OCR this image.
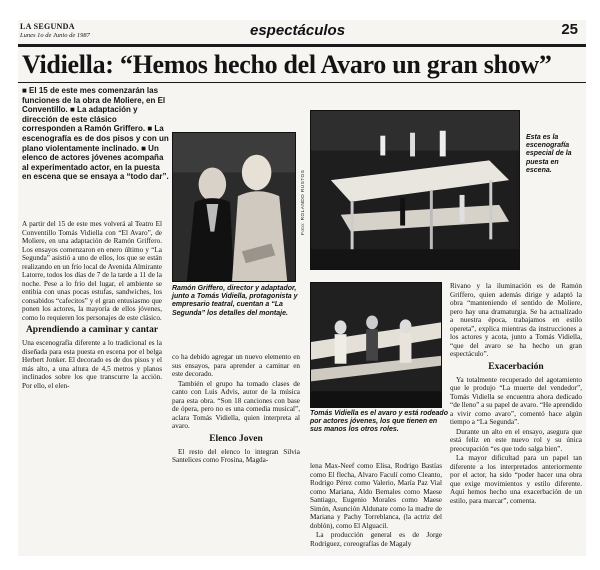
LA SEGUNDA
Lunes 1o de Junio de 1987	espectáculos	25
Vidiella: “Hemos hecho del Avaro un gran show”
■ El 15 de este mes comenzarán las funciones de la obra de Moliere, en El Conventillo. ■ La adaptación y dirección de este clásico corresponden a Ramón Griffero. ■ La escenografía es de dos pisos y con un plano violentamente inclinado. ■ Un elenco de actores jóvenes acompaña al experimentado actor, en la puesta en escena que se ensaya a “todo dar”.
Ramón Griffero, director y adaptador, junto a Tomás Vidiella, protagonista y empresario teatral, cuentan a “La Segunda” los detalles del montaje.
Foto: ROLANDO RUSTOS
Esta es la escenografía especial de la puesta en escena.
Tomás Vidiella es el avaro y está rodeado por actores jóvenes, los que tienen en sus manos los otros roles.

A partir del 15 de este mes volverá al Teatro El Conventillo Tomás Vidiella con “El Avaro”, de Moliere, en una adaptación de Ramón Griffero. Los ensayos comenzaron en enero último y “La Segunda” asistió a uno de ellos, los que se están realizando en un frío local de Avenida Almirante Latorre, todos los días de 7 de la tarde a 11 de la noche. Pese a lo frío del lugar, el ambiente se entibia con unas pocas estufas, sandwiches, los consabidos “cafecitos” y el gran entusiasmo que ponen los actores, la mayoría de ellos jóvenes, como lo requieren los personajes de este clásico.

Aprendiendo a caminar y cantar

Una escenografía diferente a lo tradicional es la diseñada para esta puesta en escena por el belga Herbert Jonker. El decorado es de dos pisos y el más alto, a una altura de 4,5 metros y planos inclinados sobre los que transcurre la acción. Por ello, el elen-

co ha debido agregar un nuevo elemento en sus ensayos, para aprender a caminar en este decorado.

También el grupo ha tomado clases de canto con Luis Advis, autor de la música para esta obra. “Son 18 canciones con base de ópera, pero no es una comedia musical”, aclara Tomás Vidiella, quien interpreta al avaro.

Elenco Joven

El resto del elenco lo integran Silvia Santelices como Frosina, Magda-

lena Max-Neef como Elisa, Rodrigo Bastías como El flecha, Alvaro Faculí como Cleanto, Rodrigo Pérez como Valerio, María Paz Vial como Mariana, Aldo Bernales como Maese Santiago, Eugenio Morales como Maese Simón, Asunción Aldunate como la madre de Mariana y Pachy Torreblanca, (la actriz del doblón), como El Alguacil.

La producción general es de Jorge Rodríguez, coreografías de Magaly

Rivano y la iluminación es de Ramón Griffero, quien además dirige y adaptó la obra “manteniendo el sentido de Moliere, pero hay una dramaturgia. Se ha actualizado a nuestra época, trabajamos en estilo opereta”, explica mientras da instrucciones a los actores y acota, junto a Tomás Vidiella, “que del avaro se ha hecho un gran espectáculo”.

Exacerbación

Ya totalmente recuperado del agotamiento que le produjo “La muerte del vendedor”, Tomás Vidiella se encuentra ahora dedicado “de lleno” a su papel de avaro. “He aprendido a vivir como avaro”, comentó hace algún tiempo a “La Segunda”.

Durante un alto en el ensayo, asegura que está feliz en este nuevo rol y su única preocupación “es que todo salga bien”.

La mayor dificultad para un papel tan diferente a los interpretados anteriormente por el actor, ha sido “poder hacer una obra que exige movimientos y estilo diferente. Aquí hemos hecho una exacerbación de un estilo, para marcar”, comenta.
